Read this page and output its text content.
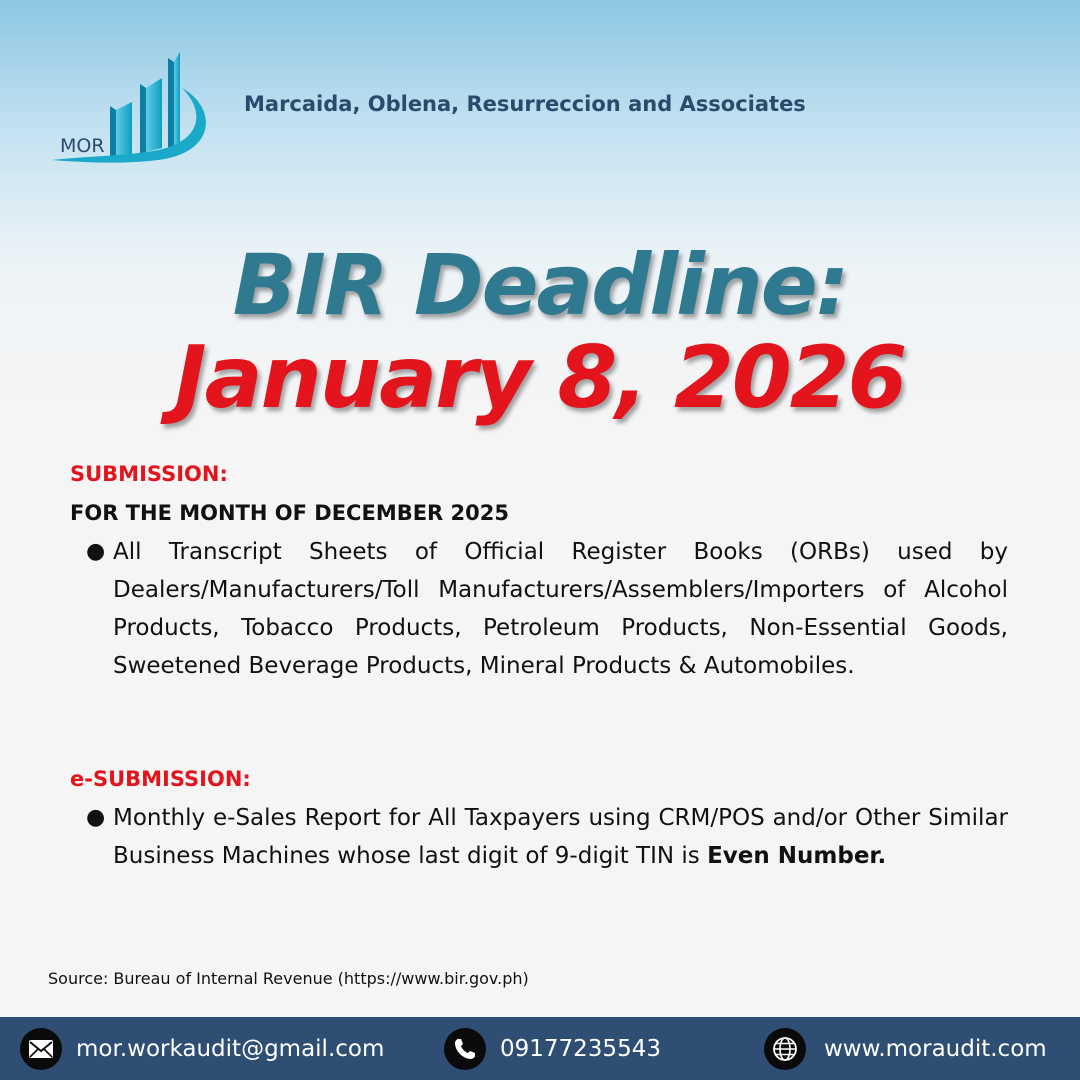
MOR
Marcaida, Oblena, Resurreccion and Associates
BIR Deadline:
January 8, 2026
SUBMISSION:
FOR THE MONTH OF DECEMBER 2025
● All Transcript Sheets of Official Register Books (ORBs) used by Dealers/Manufacturers/Toll Manufacturers/Assemblers/Importers of Alcohol Products, Tobacco Products, Petroleum Products, Non-Essential Goods, Sweetened Beverage Products, Mineral Products & Automobiles.
e-SUBMISSION:
● Monthly e-Sales Report for All Taxpayers using CRM/POS and/or Other Similar Business Machines whose last digit of 9-digit TIN is Even Number.
Source: Bureau of Internal Revenue (https://www.bir.gov.ph)
mor.workaudit@gmail.com	09177235543	www.moraudit.com
